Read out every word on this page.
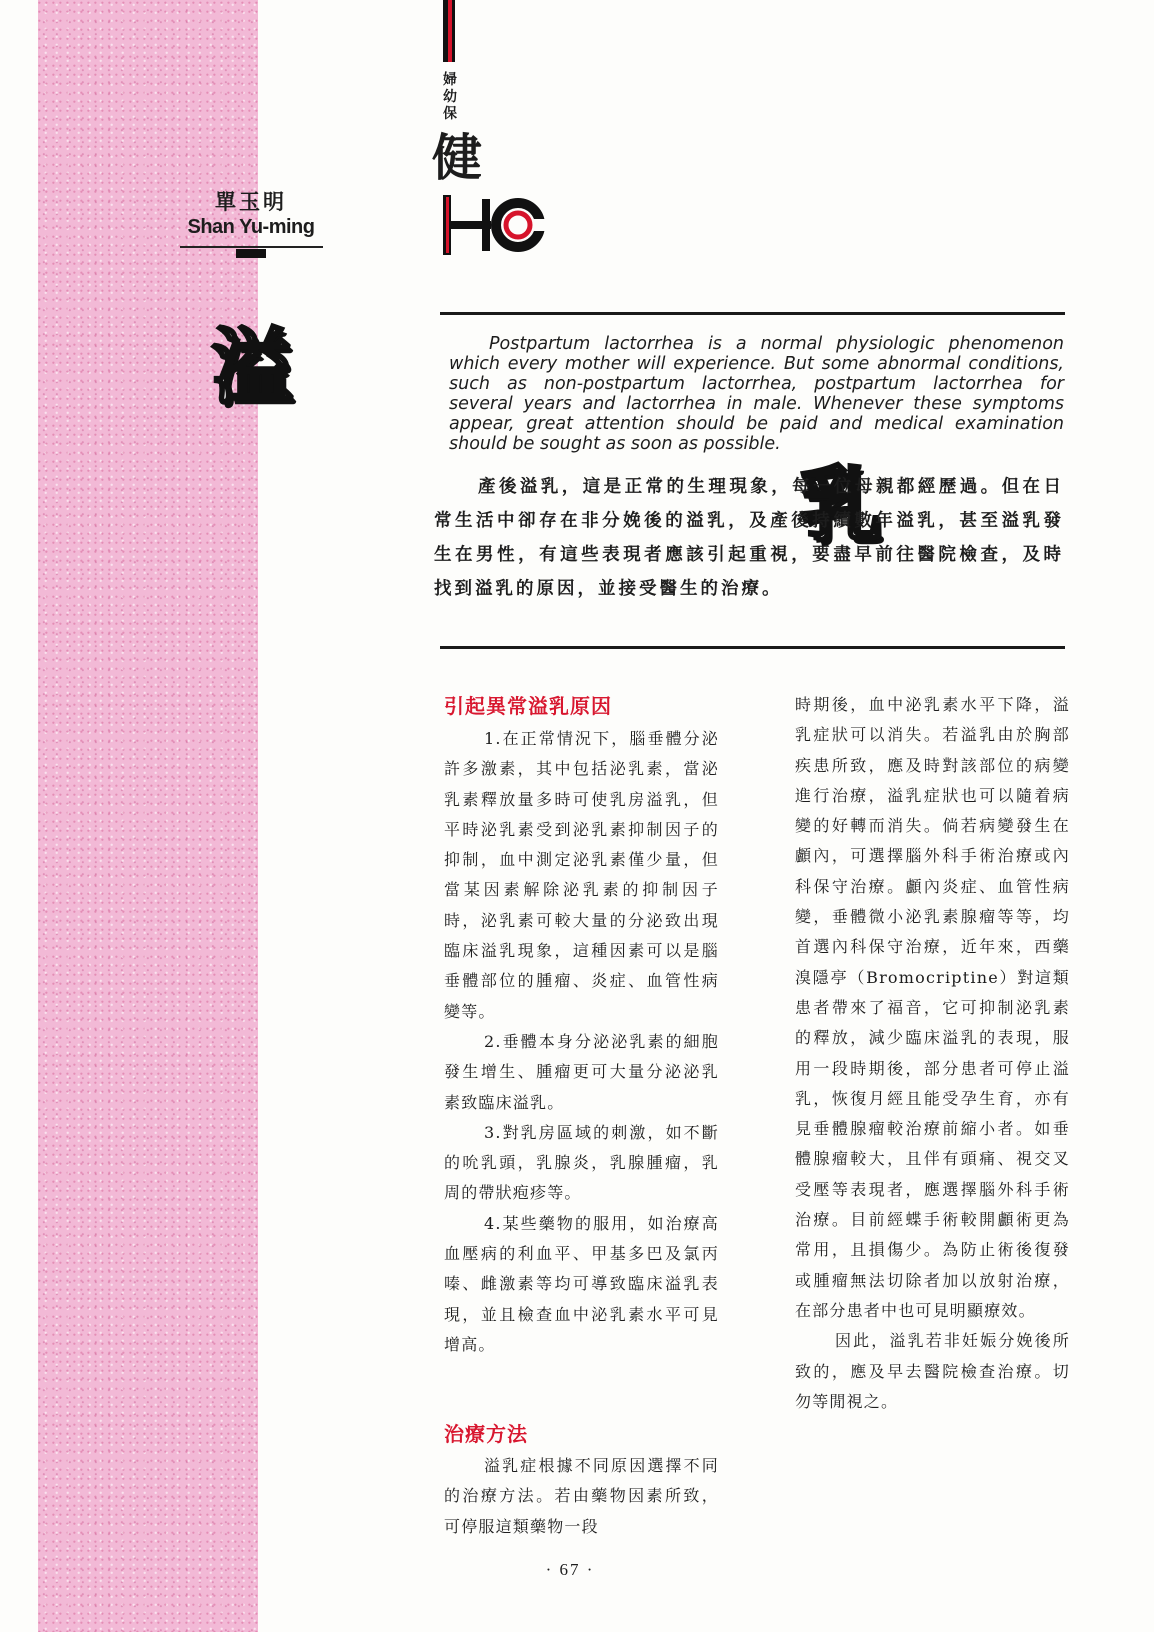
單玉明
Shan Yu-ming
溢
乳
婦幼保
健

Postpartum lactorrhea is a normal physiologic phenomenon which every mother will experience. But some abnormal conditions, such as non-postpartum lactorrhea, postpartum lactorrhea for several years and lactorrhea in male. Whenever these symptoms appear, great attention should be paid and medical examination should be sought as soon as possible.

產後溢乳，這是正常的生理現象，每一位母親都經歷過。但在日常生活中卻存在非分娩後的溢乳，及產後持續數年溢乳，甚至溢乳發生在男性，有這些表現者應該引起重視，要盡早前往醫院檢查，及時找到溢乳的原因，並接受醫生的治療。

引起異常溢乳原因

1.在正常情況下，腦垂體分泌許多激素，其中包括泌乳素，當泌乳素釋放量多時可使乳房溢乳，但平時泌乳素受到泌乳素抑制因子的抑制，血中測定泌乳素僅少量，但當某因素解除泌乳素的抑制因子時，泌乳素可較大量的分泌致出現臨床溢乳現象，這種因素可以是腦垂體部位的腫瘤、炎症、血管性病變等。

2.垂體本身分泌泌乳素的細胞發生增生、腫瘤更可大量分泌泌乳素致臨床溢乳。

3.對乳房區域的刺激，如不斷的吮乳頭，乳腺炎，乳腺腫瘤，乳周的帶狀疱疹等。

4.某些藥物的服用，如治療高血壓病的利血平、甲基多巴及氯丙嗪、雌激素等均可導致臨床溢乳表現，並且檢查血中泌乳素水平可見增高。

治療方法

溢乳症根據不同原因選擇不同的治療方法。若由藥物因素所致，可停服這類藥物一段

時期後，血中泌乳素水平下降，溢乳症狀可以消失。若溢乳由於胸部疾患所致，應及時對該部位的病變進行治療，溢乳症狀也可以隨着病變的好轉而消失。倘若病變發生在顱內，可選擇腦外科手術治療或內科保守治療。顱內炎症、血管性病變，垂體微小泌乳素腺瘤等等，均首選內科保守治療，近年來，西藥溴隱亭（Bromocriptine）對這類患者帶來了福音，它可抑制泌乳素的釋放，減少臨床溢乳的表現，服用一段時期後，部分患者可停止溢乳，恢復月經且能受孕生育，亦有見垂體腺瘤較治療前縮小者。如垂體腺瘤較大，且伴有頭痛、視交叉受壓等表現者，應選擇腦外科手術治療。目前經蝶手術較開顱術更為常用，且損傷少。為防止術後復發或腫瘤無法切除者加以放射治療，在部分患者中也可見明顯療效。

因此，溢乳若非妊娠分娩後所致的，應及早去醫院檢查治療。切勿等閒視之。

· 67 ·
